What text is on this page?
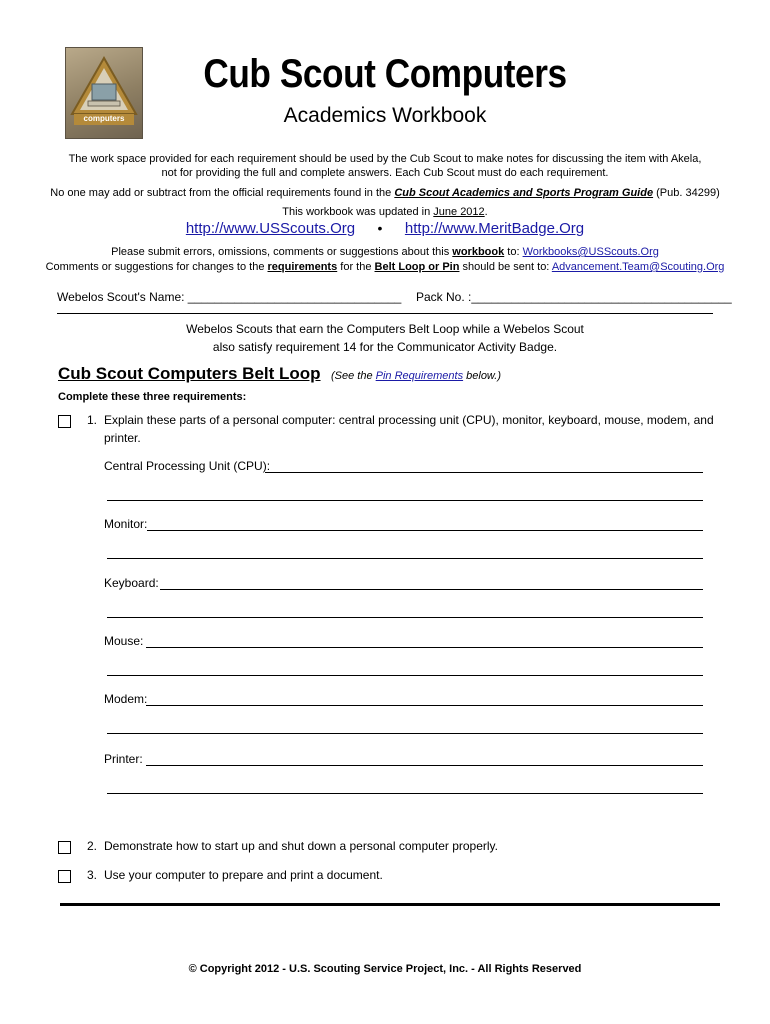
computers
Cub Scout Computers
Academics Workbook
The work space provided for each requirement should be used by the Cub Scout to make notes for discussing the item with Akela,
not for providing the full and complete answers. Each Cub Scout must do each requirement.
No one may add or subtract from the official requirements found in the Cub Scout Academics and Sports Program Guide (Pub. 34299)
This workbook was updated in June 2012.
http://www.USScouts.Org • http://www.MeritBadge.Org
Please submit errors, omissions, comments or suggestions about this workbook to: Workbooks@USScouts.Org
Comments or suggestions for changes to the requirements for the Belt Loop or Pin should be sent to: Advancement.Team@Scouting.Org
Webelos Scout's Name: ________________________________ Pack No. :_______________________________________
Webelos Scouts that earn the Computers Belt Loop while a Webelos Scout
also satisfy requirement 14 for the Communicator Activity Badge.
Cub Scout Computers Belt Loop (See the Pin Requirements below.)
Complete these three requirements:
1. Explain these parts of a personal computer: central processing unit (CPU), monitor, keyboard, mouse, modem, and
printer.
Central Processing Unit (CPU):
Monitor:
Keyboard:
Mouse:
Modem:
Printer:
2. Demonstrate how to start up and shut down a personal computer properly.
3. Use your computer to prepare and print a document.
© Copyright 2012 - U.S. Scouting Service Project, Inc. - All Rights Reserved
